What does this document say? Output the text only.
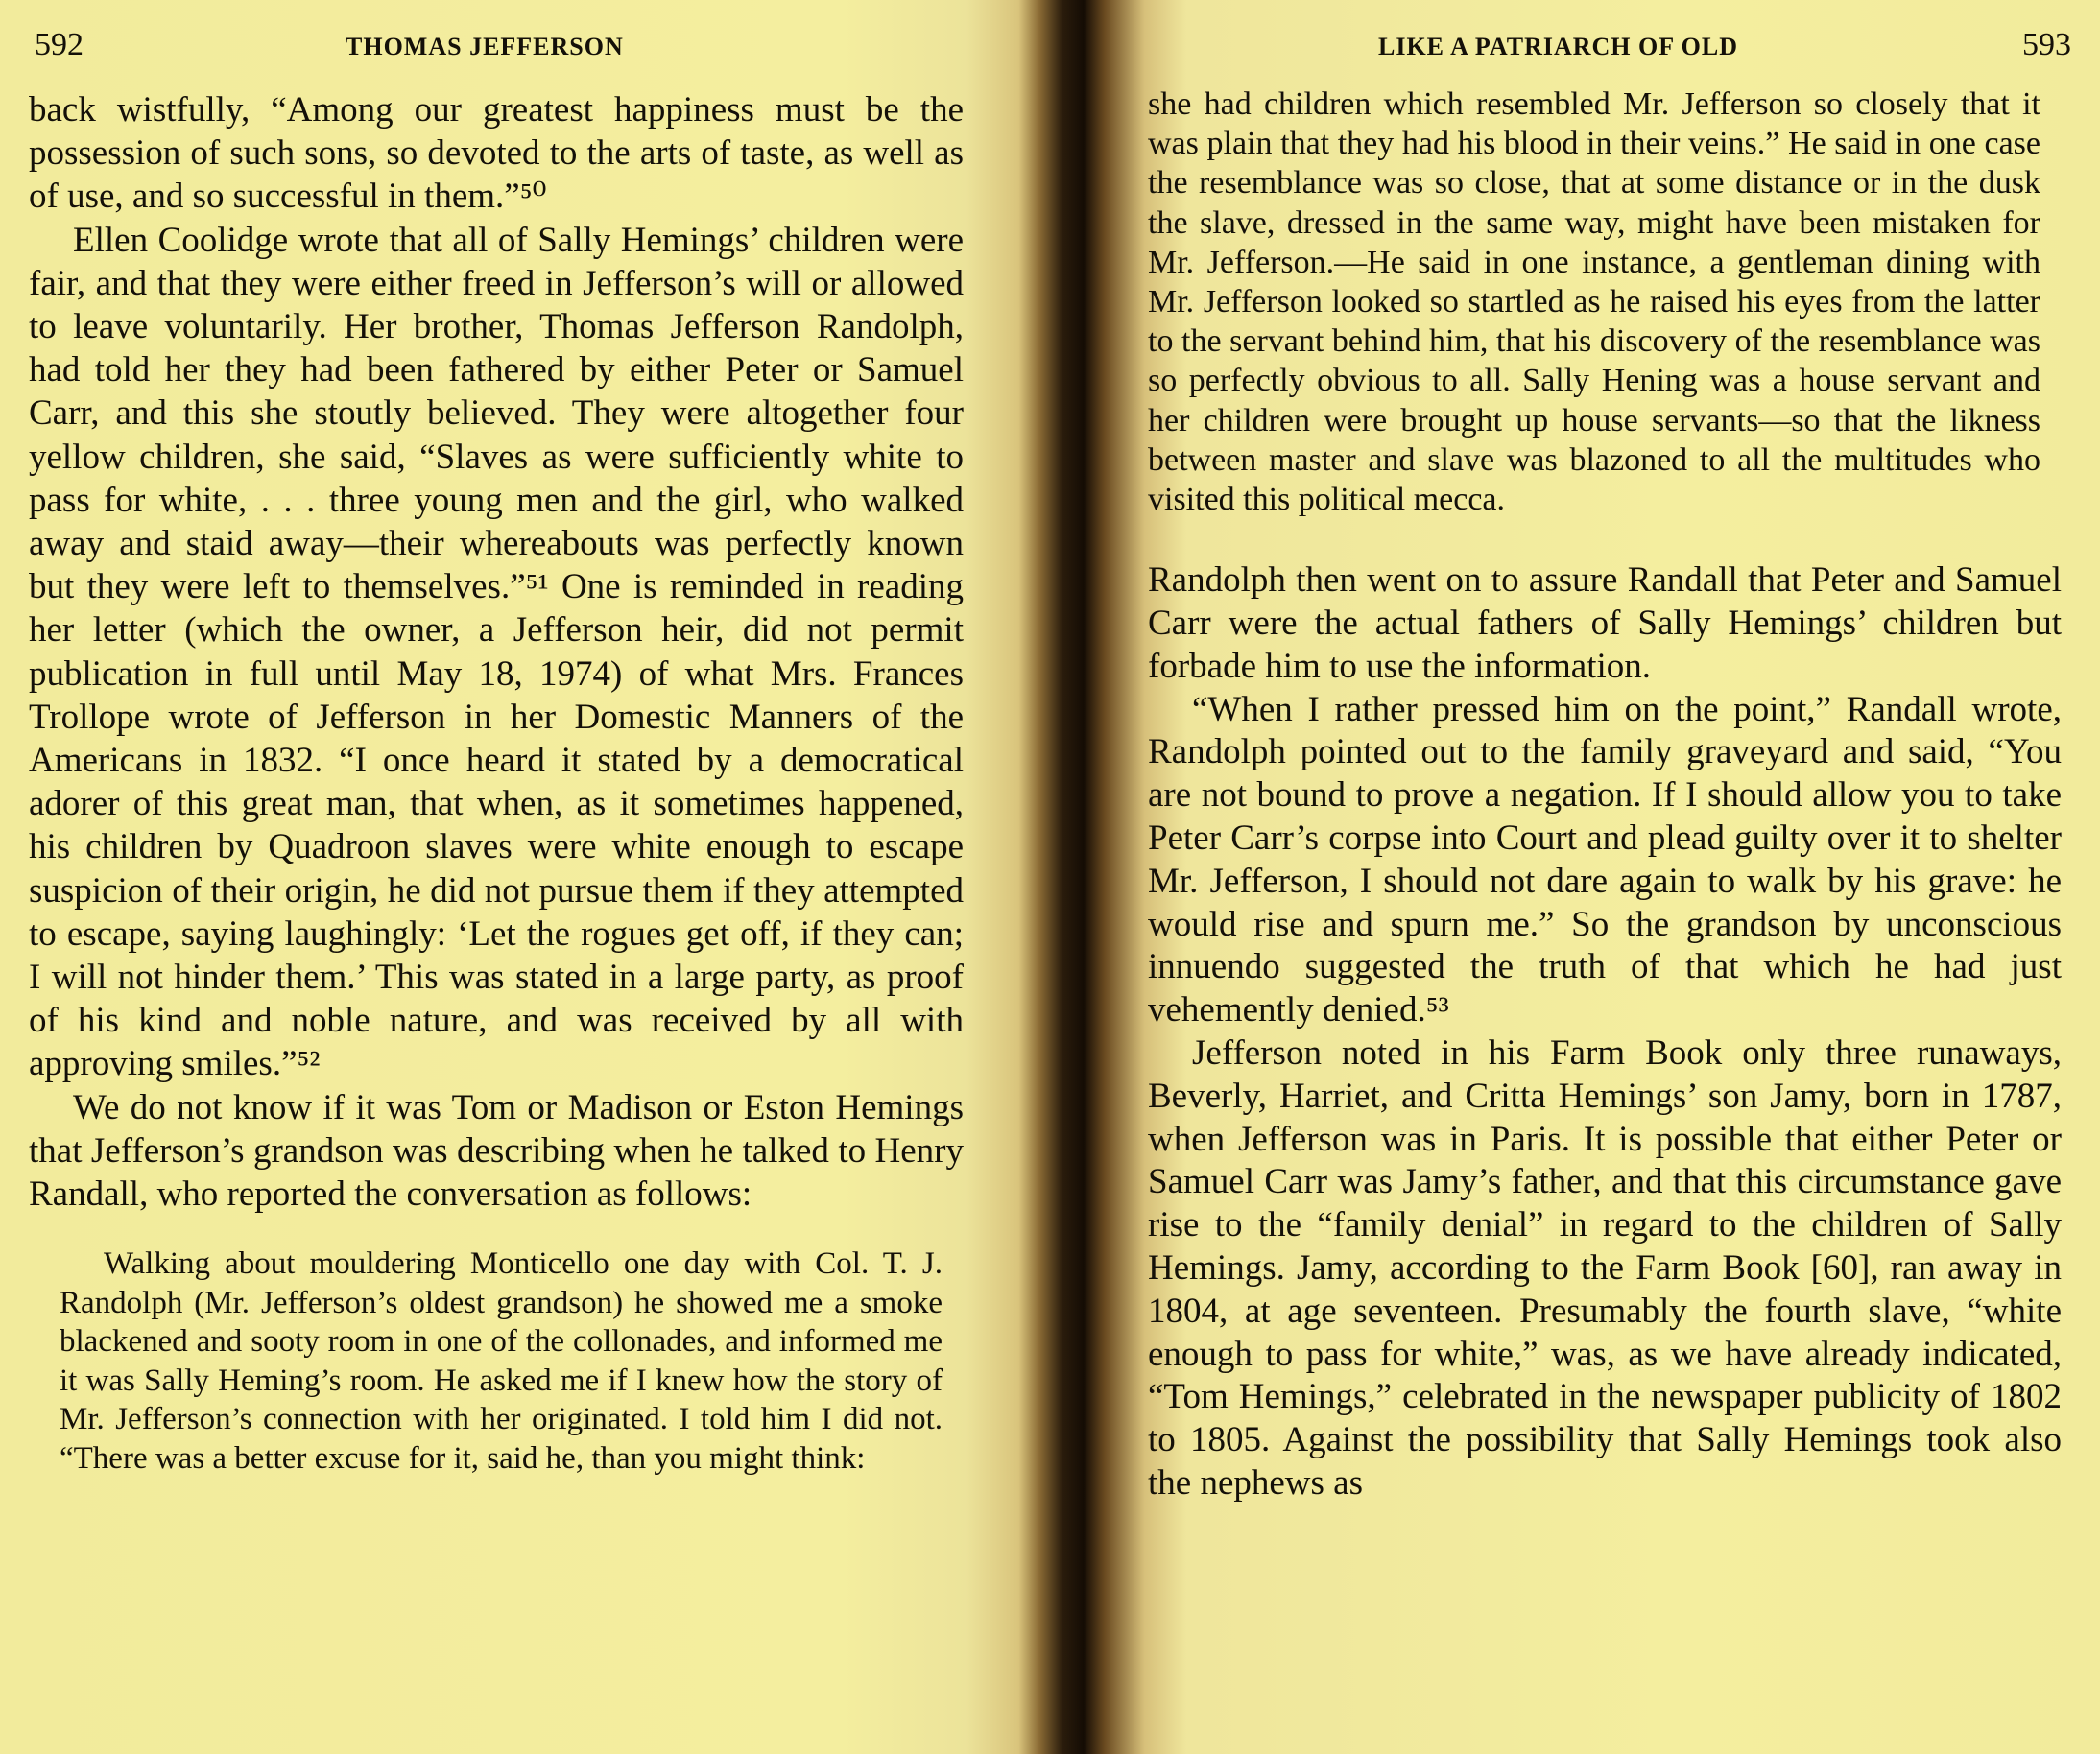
592	THOMAS JEFFERSON

back wistfully, “Among our greatest happiness must be the possession of such sons, so devoted to the arts of taste, as well as of use, and so successful in them.”⁵⁰

Ellen Coolidge wrote that all of Sally Hemings’ children were fair, and that they were either freed in Jefferson’s will or allowed to leave voluntarily. Her brother, Thomas Jefferson Randolph, had told her they had been fathered by either Peter or Samuel Carr, and this she stoutly believed. They were altogether four yellow children, she said, “Slaves as were sufficiently white to pass for white, . . . three young men and the girl, who walked away and staid away—their whereabouts was perfectly known but they were left to themselves.”⁵¹ One is reminded in reading her letter (which the owner, a Jefferson heir, did not permit publication in full until May 18, 1974) of what Mrs. Frances Trollope wrote of Jefferson in her Domestic Manners of the Americans in 1832. “I once heard it stated by a democratical adorer of this great man, that when, as it sometimes happened, his children by Quadroon slaves were white enough to escape suspicion of their origin, he did not pursue them if they attempted to escape, saying laughingly: ‘Let the rogues get off, if they can; I will not hinder them.’ This was stated in a large party, as proof of his kind and noble nature, and was received by all with approving smiles.”⁵²

We do not know if it was Tom or Madison or Eston Hemings that Jefferson’s grandson was describing when he talked to Henry Randall, who reported the conversation as follows:

Walking about mouldering Monticello one day with Col. T. J. Randolph (Mr. Jefferson’s oldest grandson) he showed me a smoke blackened and sooty room in one of the collonades, and informed me it was Sally Heming’s room. He asked me if I knew how the story of Mr. Jefferson’s connection with her originated. I told him I did not. “There was a better excuse for it, said he, than you might think:

LIKE A PATRIARCH OF OLD	593

she had children which resembled Mr. Jefferson so closely that it was plain that they had his blood in their veins.” He said in one case the resemblance was so close, that at some distance or in the dusk the slave, dressed in the same way, might have been mistaken for Mr. Jefferson.—He said in one instance, a gentleman dining with Mr. Jefferson looked so startled as he raised his eyes from the latter to the servant behind him, that his discovery of the resemblance was so perfectly obvious to all. Sally Hening was a house servant and her children were brought up house servants—so that the likness between master and slave was blazoned to all the multitudes who visited this political mecca.

Randolph then went on to assure Randall that Peter and Samuel Carr were the actual fathers of Sally Hemings’ children but forbade him to use the information.

“When I rather pressed him on the point,” Randall wrote, Randolph pointed out to the family graveyard and said, “You are not bound to prove a negation. If I should allow you to take Peter Carr’s corpse into Court and plead guilty over it to shelter Mr. Jefferson, I should not dare again to walk by his grave: he would rise and spurn me.” So the grandson by unconscious innuendo suggested the truth of that which he had just vehemently denied.⁵³

Jefferson noted in his Farm Book only three runaways, Beverly, Harriet, and Critta Hemings’ son Jamy, born in 1787, when Jefferson was in Paris. It is possible that either Peter or Samuel Carr was Jamy’s father, and that this circumstance gave rise to the “family denial” in regard to the children of Sally Hemings. Jamy, according to the Farm Book [60], ran away in 1804, at age seventeen. Presumably the fourth slave, “white enough to pass for white,” was, as we have already indicated, “Tom Hemings,” celebrated in the newspaper publicity of 1802 to 1805. Against the possibility that Sally Hemings took also the nephews as
